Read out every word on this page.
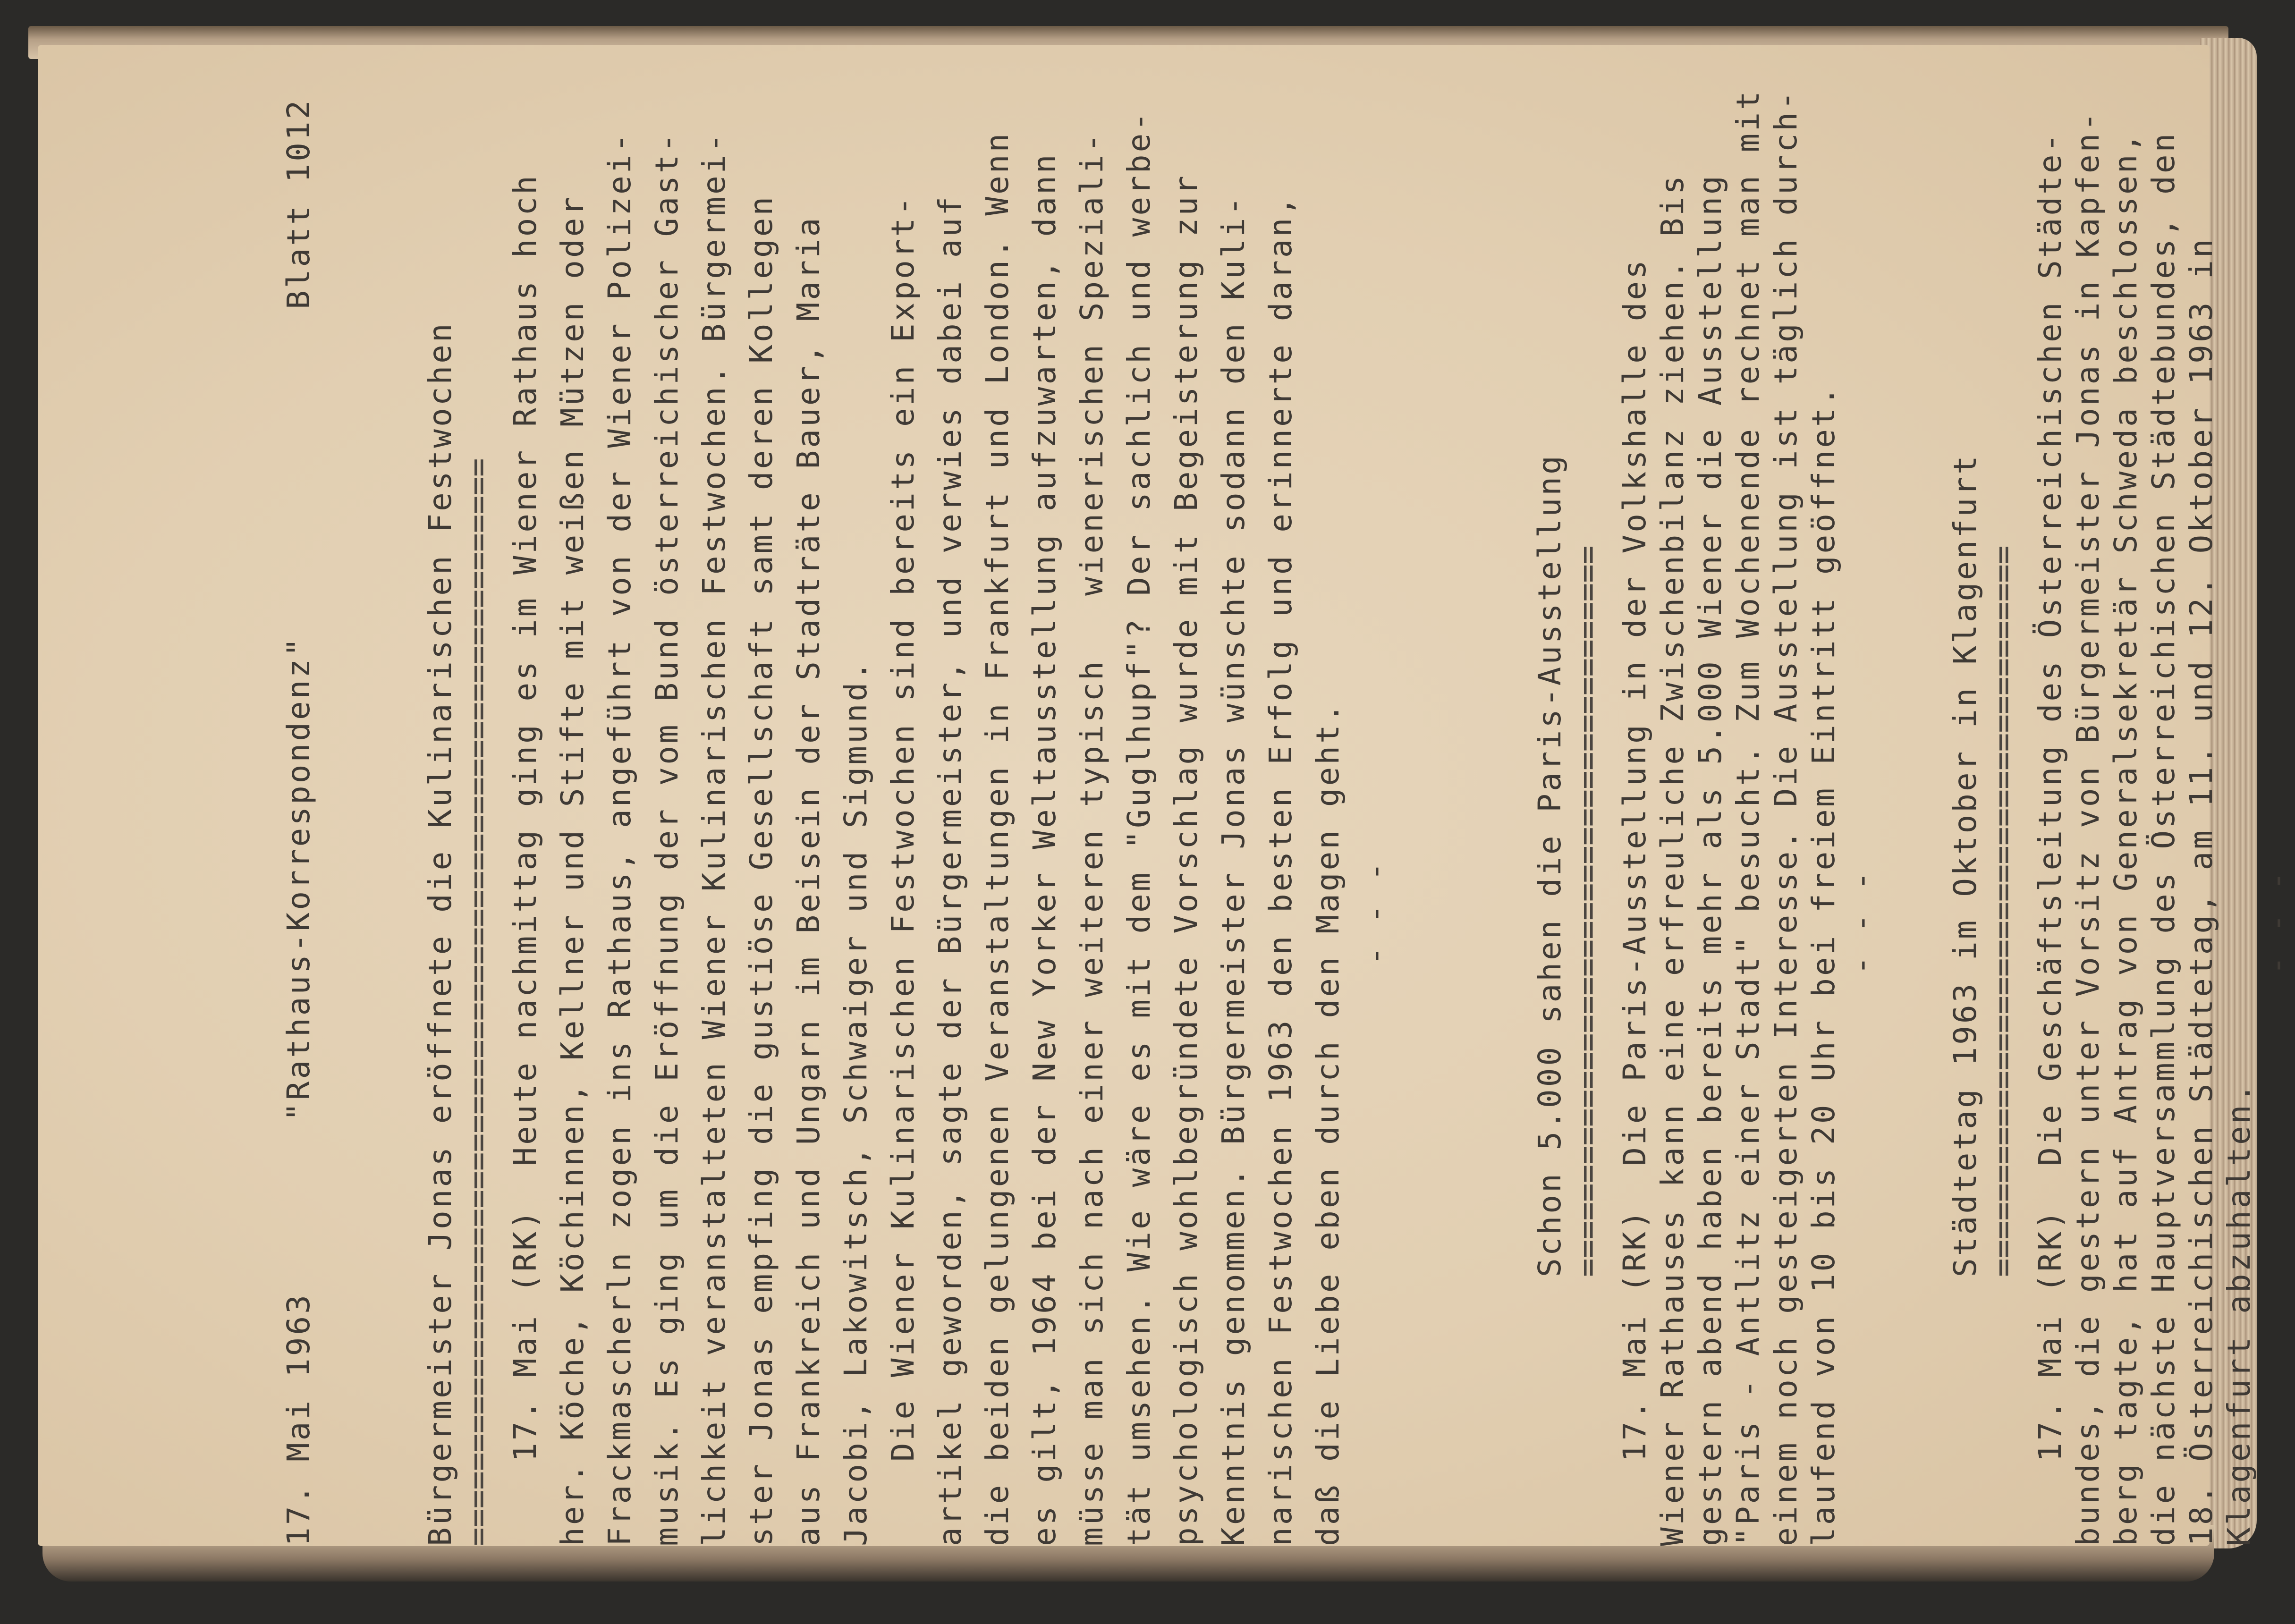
17. Mai 1963
"Rathaus-Korrespondenz"
Blatt 1012
Bürgermeister Jonas eröffnete die Kulinarischen Festwochen ========================================================== 17. Mai (RK)  Heute nachmittag ging es im Wiener Rathaus hoch her. Köche, Köchinnen, Kellner und Stifte mit weißen Mützen oder Frackmascherln zogen ins Rathaus, angeführt von der Wiener Polizei- musik. Es ging um die Eröffnung der vom Bund österreichischer Gast- lichkeit veranstalteten Wiener Kulinarischen Festwochen. Bürgermei- ster Jonas empfing die gustiöse Gesellschaft samt deren Kollegen aus Frankreich und Ungarn im Beisein der Stadträte Bauer, Maria Jacobi, Lakowitsch, Schwaiger und Sigmund. Die Wiener Kulinarischen Festwochen sind bereits ein Export- artikel geworden, sagte der Bürgermeister, und verwies dabei auf die beiden gelungenen Veranstaltungen in Frankfurt und London. Wenn es gilt, 1964 bei der New Yorker Weltausstellung aufzuwarten, dann müsse man sich nach einer weiteren typisch   wienerischen Speziali- tät umsehen. Wie wäre es mit dem "Guglhupf"? Der sachlich und werbe- psychologisch wohlbegründete Vorschlag wurde mit Begeisterung zur Kenntnis genommen. Bürgermeister Jonas wünschte sodann den Kuli- narischen Festwochen 1963 den besten Erfolg und erinnerte daran, daß die Liebe eben durch den Magen geht. - - -	Schon 5.000 sahen die Paris-Ausstellung ======================================= 17. Mai (RK)  Die Paris-Ausstellung in der Volkshalle des Wiener Rathauses kann eine erfreuliche Zwischenbilanz ziehen. Bis gestern abend haben bereits mehr als 5.000 Wiener die Ausstellung "Paris - Antlitz einer Stadt" besucht. Zum Wochenende rechnet man mit einem noch gesteigerten Interesse. Die Ausstellung ist täglich durch- laufend von 10 bis 20 Uhr bei freiem Eintritt geöffnet. - - - Städtetag 1963 im Oktober in Klagenfurt ======================================= 17. Mai (RK)  Die Geschäftsleitung des Österreichischen Städte- bundes, die gestern unter Vorsitz von Bürgermeister Jonas in Kapfen- berg tagte, hat auf Antrag von Generalsekretär Schweda beschlossen, die nächste Hauptversammlung des Österreichischen Städtebundes, den 18. Österreichischen Städtetag, am 11. und 12. Oktober 1963 in Klagenfurt abzuhalten.
- - -
